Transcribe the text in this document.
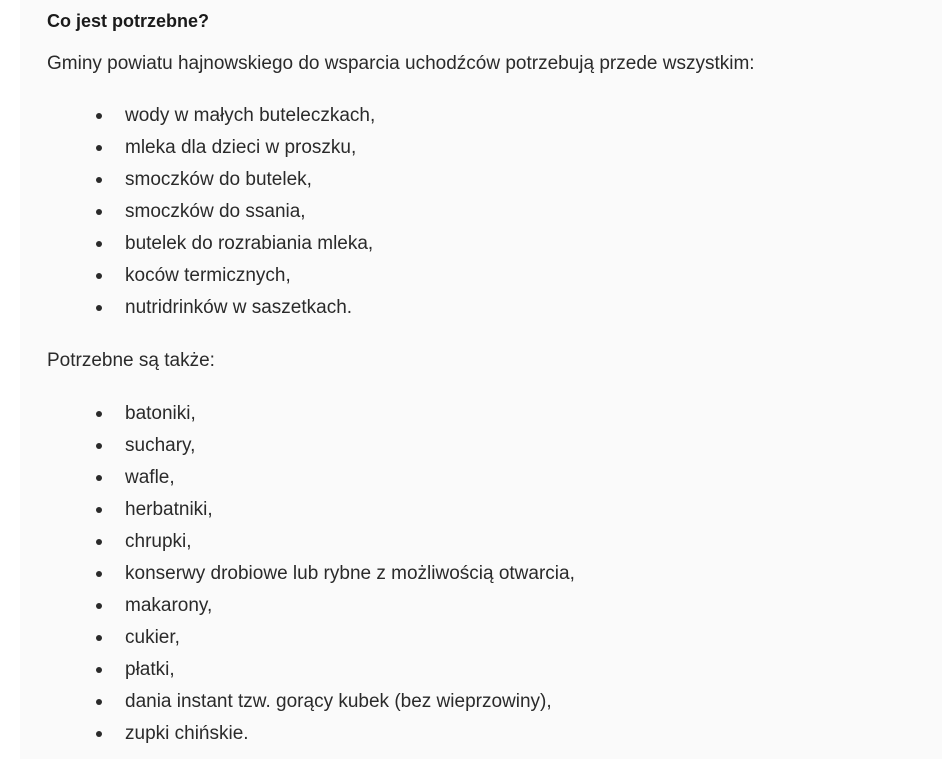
Co jest potrzebne?

Gminy powiatu hajnowskiego do wsparcia uchodźców potrzebują przede wszystkim:

wody w małych buteleczkach,
mleka dla dzieci w proszku,
smoczków do butelek,
smoczków do ssania,
butelek do rozrabiania mleka,
koców termicznych,
nutridrinków w saszetkach.

Potrzebne są także:

batoniki,
suchary,
wafle,
herbatniki,
chrupki,
konserwy drobiowe lub rybne z możliwością otwarcia,
makarony,
cukier,
płatki,
dania instant tzw. gorący kubek (bez wieprzowiny),
zupki chińskie.
